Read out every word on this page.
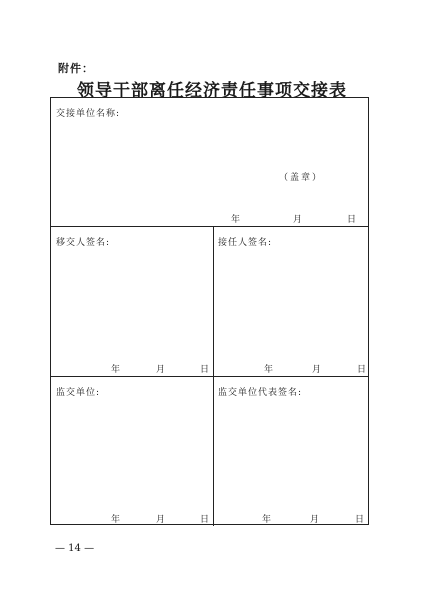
附件：
领导干部离任经济责任事项交接表
交接单位名称:
（盖章）
年	月	日
移交人签名:
年	月	日
接任人签名:
年	月	日
监交单位:
年	月	日
监交单位代表签名:
年	月	日
— 14 —
